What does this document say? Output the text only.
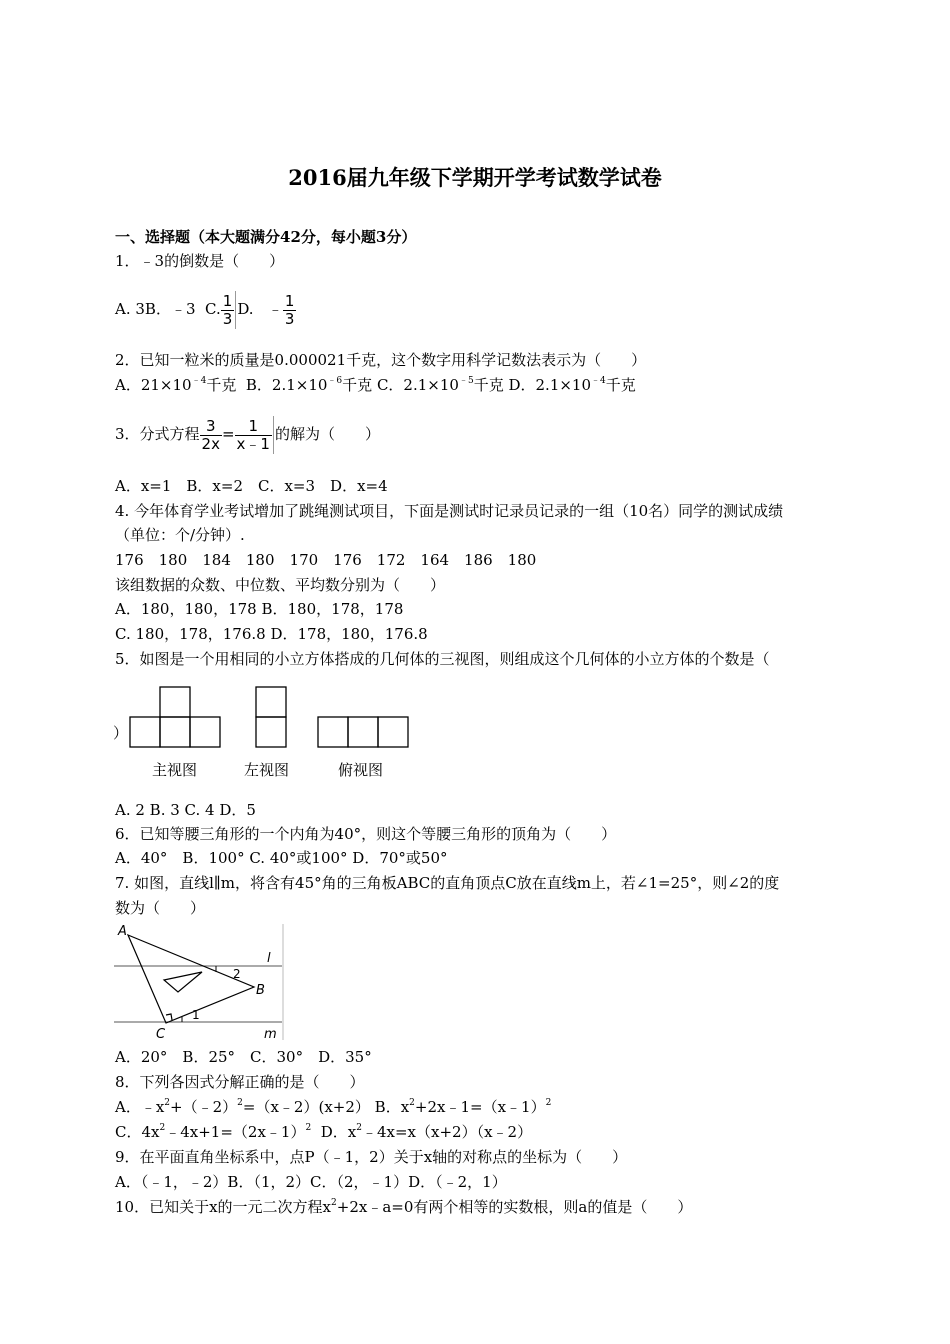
2016届九年级下学期开学考试数学试卷
一、选择题（本大题满分42分，每小题3分）
1．﹣3的倒数是（　　）
A. 3B．﹣3 C. $\frac{1}{3} D$. ﹣ $\frac{1}{3}$
2．已知一粒米的质量是0.000021千克，这个数字用科学记数法表示为（　　）
A．$21\times 10^{﹣4}$千克 B．$2.1\times 10^{﹣6}$千克 C．$2.1\times 10^{﹣5}$千克 D．$2.1\times 10^{﹣4}$千克
3．分式方程 $\frac{3}{2x} = \frac{1}{x﹣1}$ 的解为（　　）
A．x=1　B．x=2　C．x=3　D．x=4
4. 今年体育学业考试增加了跳绳测试项目，下面是测试时记录员记录的一组（10名）同学的测试成绩
（单位：个/分钟）.
176　180　184　180　170　176　172　164　186　180
该组数据的众数、中位数、平均数分别为（　　）
A．180，180，178 B．180，178，178
C. 180，178，176.8 D．178，180，176.8
5．如图是一个用相同的小立方体搭成的几何体的三视图，则组成这个几何体的小立方体的个数是（
）
主视图	左视图	俯视图
A. 2 B. 3 C. 4 D．5
6．已知等腰三角形的一个内角为40°，则这个等腰三角形的顶角为（　　）
A．40°　B．100° C. 40°或100° D．70°或50°
7. 如图，直线l∥m，将含有45°角的三角板ABC的直角顶点C放在直线m上，若∠1=25°，则∠2的度
数为（　　）
A
B
C
l
m
1
2
A．20°　B．25°　C．30°　D．35°
8．下列各因式分解正确的是（　　）
A．$﹣x^2+(﹣2)^2=(x﹣2)(x+2)$ B．$x^2+2x﹣1=(x﹣1)^2$
C．$4x^2﹣4x+1=(2x﹣1)^2$ D．$x^2﹣4x=x(x+2)(x﹣2)$
9．在平面直角坐标系中，点P（﹣1，2）关于x轴的对称点的坐标为（　　）
A．（﹣1，﹣2）B．（1，2）C．（2，﹣1）D．（﹣2，1）
10．已知关于x的一元二次方程$x^2+2x﹣a=0$有两个相等的实数根，则a的值是（　　）
